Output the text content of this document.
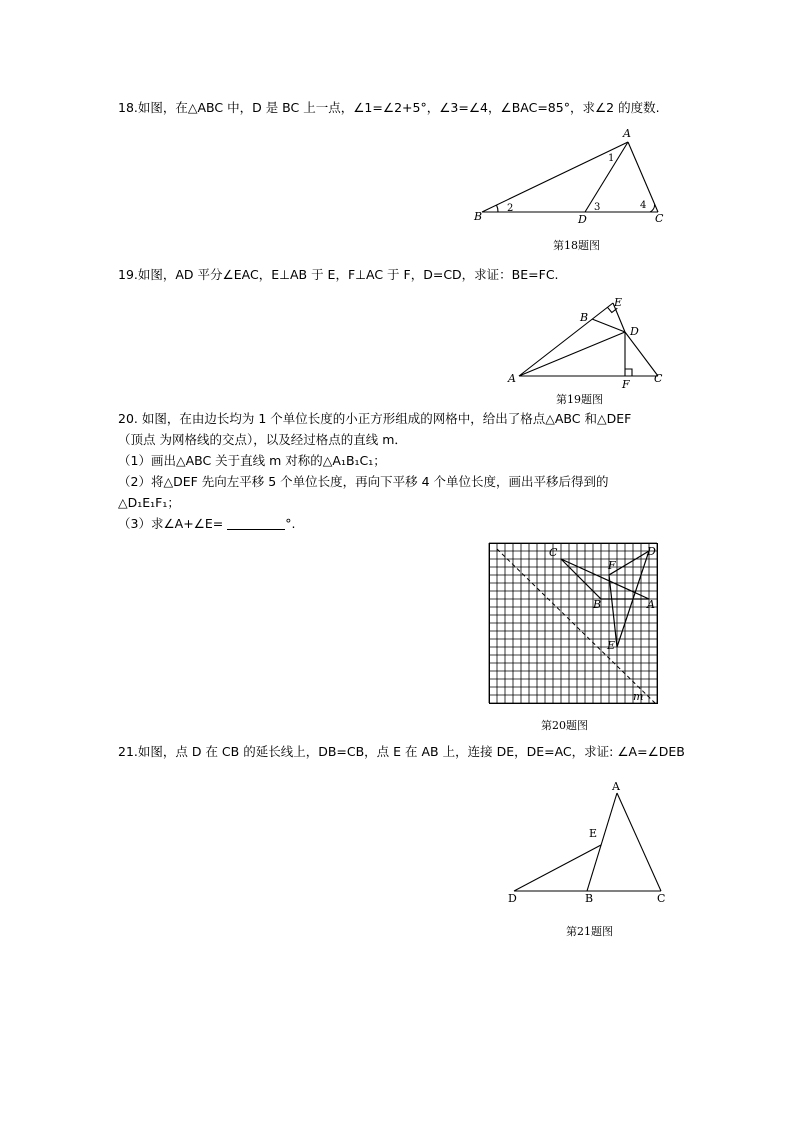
18.如图，在△ABC 中，D 是 BC 上一点，∠1=∠2+5°，∠3=∠4，∠BAC=85°，求∠2 的度数.
A
B	C
D
1
2	3	4
第18题图
19.如图，AD 平分∠EAC，E⊥AB 于 E，F⊥AC 于 F，D=CD，求证：BE=FC.
A
B
C
D
E
F
第19题图
20. 如图，在由边长均为 1 个单位长度的小正方形组成的网格中，给出了格点△ABC 和△DEF
（顶点 为网格线的交点），以及经过格点的直线 m．
（1）画出△ABC 关于直线 m 对称的△A₁B₁C₁；
（2）将△DEF 先向左平移 5 个单位长度，再向下平移 4 个单位长度，画出平移后得到的
△D₁E₁F₁；
（3）求∠A+∠E=	°.
C	D
F
B	A
E
m
第20题图
21.如图，点 D 在 CB 的延长线上，DB=CB，点 E 在 AB 上，连接 DE，DE=AC，求证: ∠A=∠DEB
A
B	C
D
E
第21题图
